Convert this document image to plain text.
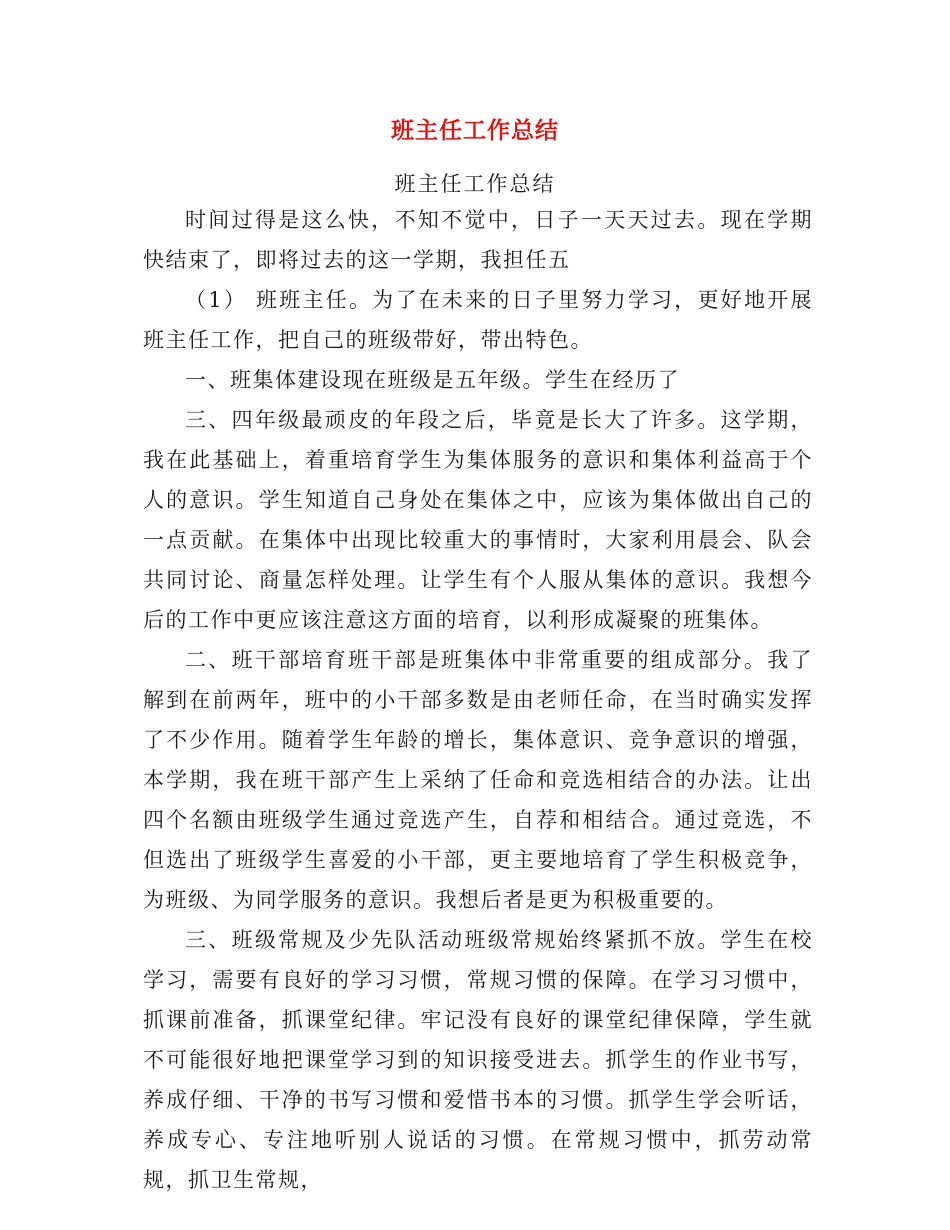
班主任工作总结
班主任工作总结

时间过得是这么快，不知不觉中，日子一天天过去。现在学期快结束了，即将过去的这一学期，我担任五

（1） 班班主任。为了在未来的日子里努力学习，更好地开展班主任工作，把自己的班级带好，带出特色。

一、班集体建设现在班级是五年级。学生在经历了

三、四年级最顽皮的年段之后，毕竟是长大了许多。这学期，我在此基础上，着重培育学生为集体服务的意识和集体利益高于个人的意识。学生知道自己身处在集体之中，应该为集体做出自己的一点贡献。在集体中出现比较重大的事情时，大家利用晨会、队会共同讨论、商量怎样处理。让学生有个人服从集体的意识。我想今后的工作中更应该注意这方面的培育，以利形成凝聚的班集体。

二、班干部培育班干部是班集体中非常重要的组成部分。我了解到在前两年，班中的小干部多数是由老师任命，在当时确实发挥了不少作用。随着学生年龄的增长，集体意识、竞争意识的增强，本学期，我在班干部产生上采纳了任命和竞选相结合的办法。让出四个名额由班级学生通过竞选产生，自荐和相结合。通过竞选，不但选出了班级学生喜爱的小干部，更主要地培育了学生积极竞争，为班级、为同学服务的意识。我想后者是更为积极重要的。

三、班级常规及少先队活动班级常规始终紧抓不放。学生在校学习，需要有良好的学习习惯，常规习惯的保障。在学习习惯中，抓课前准备，抓课堂纪律。牢记没有良好的课堂纪律保障，学生就不可能很好地把课堂学习到的知识接受进去。抓学生的作业书写，养成仔细、干净的书写习惯和爱惜书本的习惯。抓学生学会听话，养成专心、专注地听别人说话的习惯。在常规习惯中，抓劳动常规，抓卫生常规，
